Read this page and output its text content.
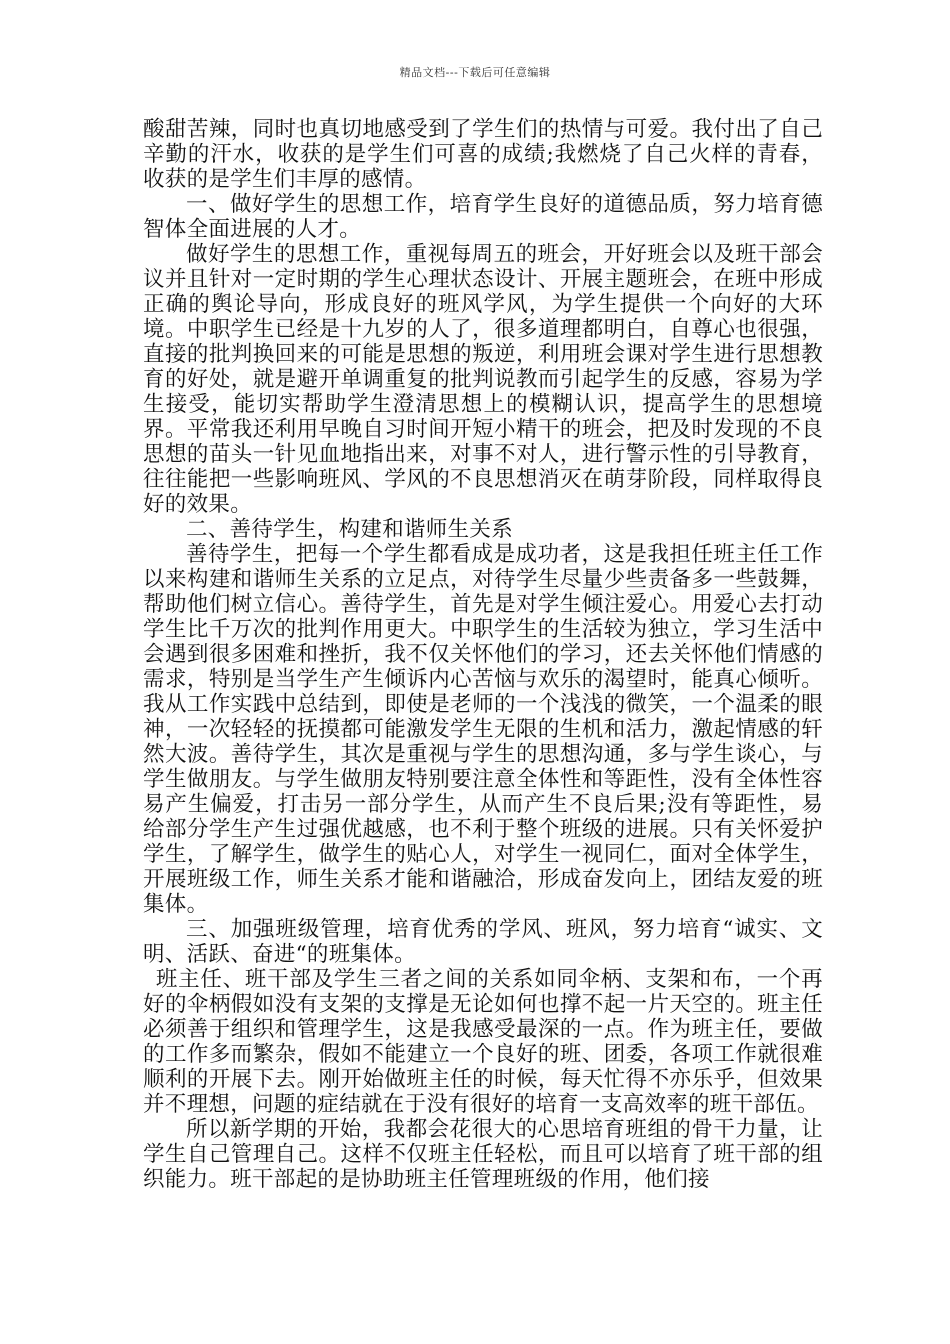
精品文档---下载后可任意编辑

酸甜苦辣，同时也真切地感受到了学生们的热情与可爱。我付出了自己辛勤的汗水，收获的是学生们可喜的成绩;我燃烧了自己火样的青春，收获的是学生们丰厚的感情。

一、做好学生的思想工作，培育学生良好的道德品质，努力培育德智体全面进展的人才。

做好学生的思想工作，重视每周五的班会，开好班会以及班干部会议并且针对一定时期的学生心理状态设计、开展主题班会，在班中形成正确的舆论导向，形成良好的班风学风，为学生提供一个向好的大环境。中职学生已经是十九岁的人了，很多道理都明白，自尊心也很强，直接的批判换回来的可能是思想的叛逆，利用班会课对学生进行思想教育的好处，就是避开单调重复的批判说教而引起学生的反感，容易为学生接受，能切实帮助学生澄清思想上的模糊认识，提高学生的思想境界。平常我还利用早晚自习时间开短小精干的班会，把及时发现的不良思想的苗头一针见血地指出来，对事不对人，进行警示性的引导教育，往往能把一些影响班风、学风的不良思想消灭在萌芽阶段，同样取得良好的效果。

二、善待学生，构建和谐师生关系

善待学生，把每一个学生都看成是成功者，这是我担任班主任工作以来构建和谐师生关系的立足点，对待学生尽量少些责备多一些鼓舞，帮助他们树立信心。善待学生，首先是对学生倾注爱心。用爱心去打动学生比千万次的批判作用更大。中职学生的生活较为独立，学习生活中会遇到很多困难和挫折，我不仅关怀他们的学习，还去关怀他们情感的需求，特别是当学生产生倾诉内心苦恼与欢乐的渴望时，能真心倾听。我从工作实践中总结到，即使是老师的一个浅浅的微笑，一个温柔的眼神，一次轻轻的抚摸都可能激发学生无限的生机和活力，激起情感的轩然大波。善待学生，其次是重视与学生的思想沟通，多与学生谈心，与学生做朋友。与学生做朋友特别要注意全体性和等距性，没有全体性容易产生偏爱，打击另一部分学生，从而产生不良后果;没有等距性，易给部分学生产生过强优越感，也不利于整个班级的进展。只有关怀爱护学生，了解学生，做学生的贴心人，对学生一视同仁，面对全体学生，开展班级工作，师生关系才能和谐融洽，形成奋发向上，团结友爱的班集体。

三、加强班级管理，培育优秀的学风、班风，努力培育“诚实、文明、活跃、奋进“的班集体。

班主任、班干部及学生三者之间的关系如同伞柄、支架和布，一个再好的伞柄假如没有支架的支撑是无论如何也撑不起一片天空的。班主任必须善于组织和管理学生，这是我感受最深的一点。作为班主任，要做的工作多而繁杂，假如不能建立一个良好的班、团委，各项工作就很难顺利的开展下去。刚开始做班主任的时候，每天忙得不亦乐乎，但效果并不理想，问题的症结就在于没有很好的培育一支高效率的班干部伍。

所以新学期的开始，我都会花很大的心思培育班组的骨干力量，让学生自己管理自己。这样不仅班主任轻松，而且可以培育了班干部的组织能力。班干部起的是协助班主任管理班级的作用，他们接
